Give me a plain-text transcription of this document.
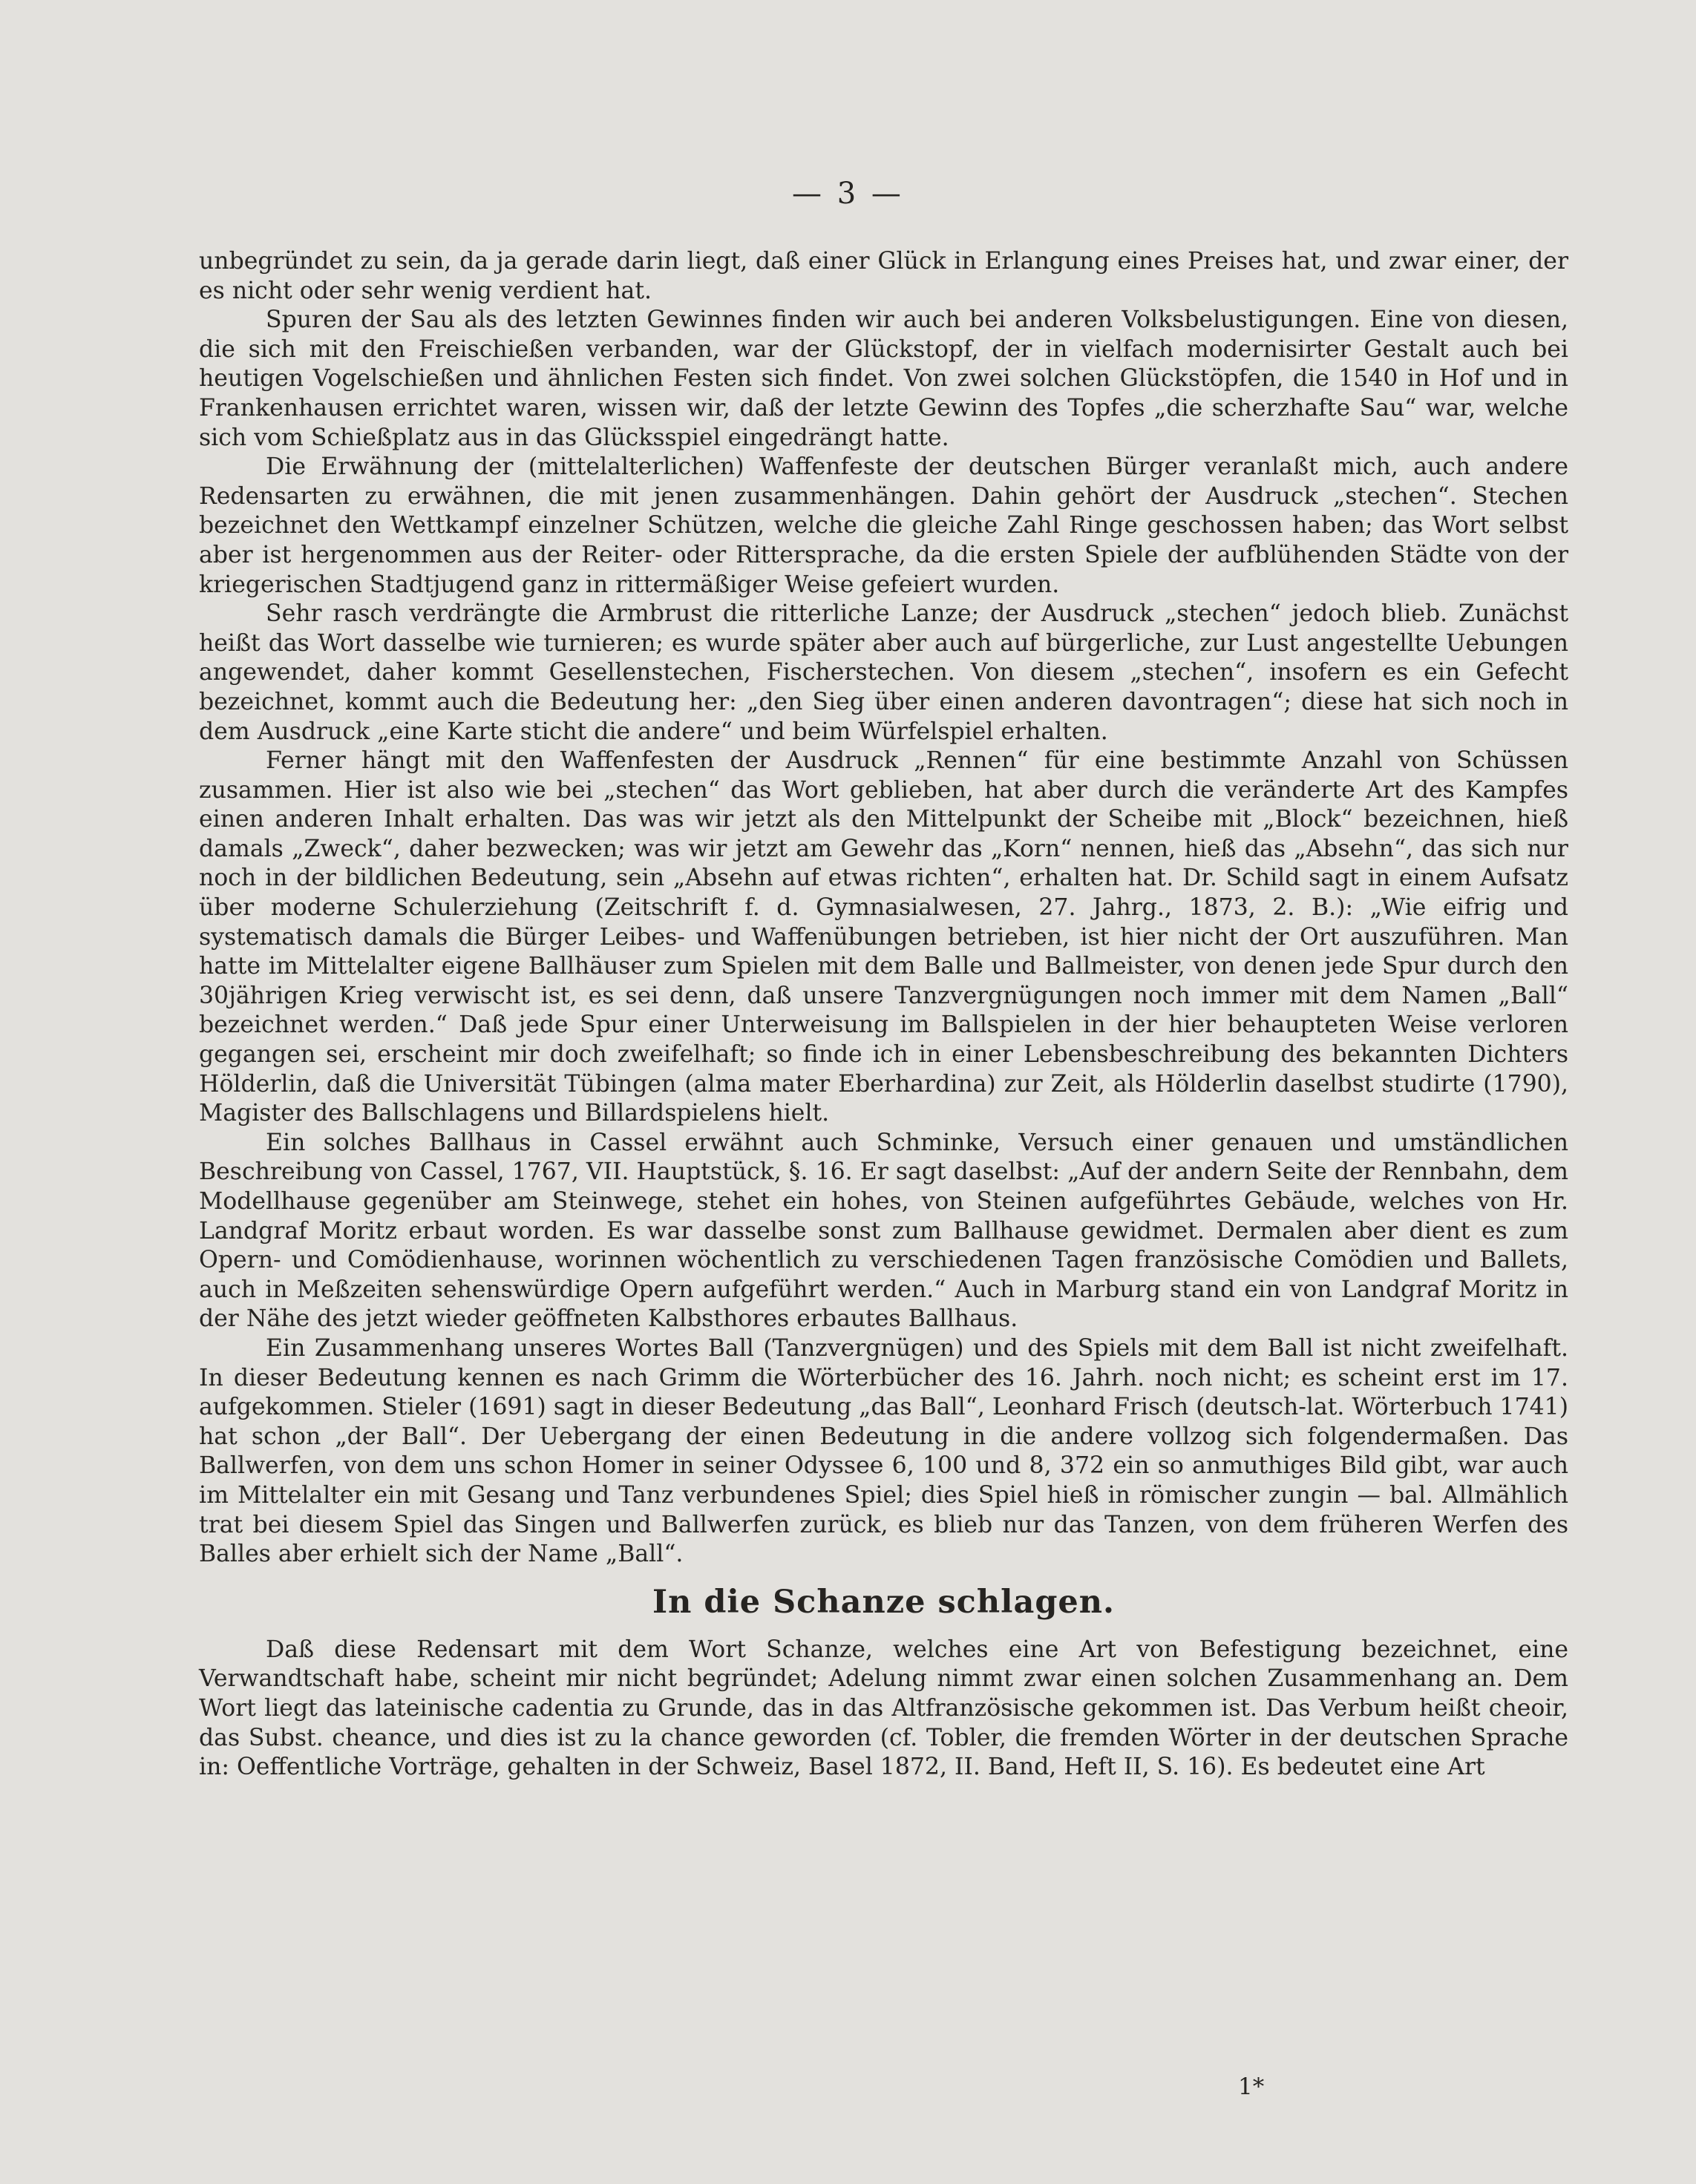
— 3 —

unbegründet zu sein, da ja gerade darin liegt, daß einer Glück in Erlangung eines Preises hat, und zwar einer, der es nicht oder sehr wenig verdient hat.

Spuren der Sau als des letzten Gewinnes finden wir auch bei anderen Volksbelustigungen. Eine von diesen, die sich mit den Freischießen verbanden, war der Glückstopf, der in vielfach modernisirter Gestalt auch bei heutigen Vogelschießen und ähnlichen Festen sich findet. Von zwei solchen Glückstöpfen, die 1540 in Hof und in Frankenhausen errichtet waren, wissen wir, daß der letzte Gewinn des Topfes „die scherzhafte Sau“ war, welche sich vom Schießplatz aus in das Glücksspiel eingedrängt hatte.

Die Erwähnung der (mittelalterlichen) Waffenfeste der deutschen Bürger veranlaßt mich, auch andere Redensarten zu erwähnen, die mit jenen zusammenhängen. Dahin gehört der Ausdruck „stechen“. Stechen bezeichnet den Wettkampf einzelner Schützen, welche die gleiche Zahl Ringe geschossen haben; das Wort selbst aber ist hergenommen aus der Reiter- oder Rittersprache, da die ersten Spiele der aufblühenden Städte von der kriegerischen Stadtjugend ganz in rittermäßiger Weise gefeiert wurden.

Sehr rasch verdrängte die Armbrust die ritterliche Lanze; der Ausdruck „stechen“ jedoch blieb. Zunächst heißt das Wort dasselbe wie turnieren; es wurde später aber auch auf bürgerliche, zur Lust angestellte Uebungen angewendet, daher kommt Gesellenstechen, Fischerstechen. Von diesem „stechen“, insofern es ein Gefecht bezeichnet, kommt auch die Bedeutung her: „den Sieg über einen anderen davontragen“; diese hat sich noch in dem Ausdruck „eine Karte sticht die andere“ und beim Würfelspiel erhalten.

Ferner hängt mit den Waffenfesten der Ausdruck „Rennen“ für eine bestimmte Anzahl von Schüssen zusammen. Hier ist also wie bei „stechen“ das Wort geblieben, hat aber durch die veränderte Art des Kampfes einen anderen Inhalt erhalten. Das was wir jetzt als den Mittelpunkt der Scheibe mit „Block“ bezeichnen, hieß damals „Zweck“, daher bezwecken; was wir jetzt am Gewehr das „Korn“ nennen, hieß das „Absehn“, das sich nur noch in der bildlichen Bedeutung, sein „Absehn auf etwas richten“, erhalten hat. Dr. Schild sagt in einem Aufsatz über moderne Schulerziehung (Zeitschrift f. d. Gymnasialwesen, 27. Jahrg., 1873, 2. B.): „Wie eifrig und systematisch damals die Bürger Leibes- und Waffenübungen betrieben, ist hier nicht der Ort auszuführen. Man hatte im Mittelalter eigene Ballhäuser zum Spielen mit dem Balle und Ballmeister, von denen jede Spur durch den 30jährigen Krieg verwischt ist, es sei denn, daß unsere Tanzvergnügungen noch immer mit dem Namen „Ball“ bezeichnet werden.“ Daß jede Spur einer Unterweisung im Ballspielen in der hier behaupteten Weise verloren gegangen sei, erscheint mir doch zweifelhaft; so finde ich in einer Lebensbeschreibung des bekannten Dichters Hölderlin, daß die Universität Tübingen (alma mater Eberhardina) zur Zeit, als Hölderlin daselbst studirte (1790), Magister des Ballschlagens und Billardspielens hielt.

Ein solches Ballhaus in Cassel erwähnt auch Schminke, Versuch einer genauen und umständlichen Beschreibung von Cassel, 1767, VII. Hauptstück, §. 16. Er sagt daselbst: „Auf der andern Seite der Rennbahn, dem Modellhause gegenüber am Steinwege, stehet ein hohes, von Steinen aufgeführtes Gebäude, welches von Hr. Landgraf Moritz erbaut worden. Es war dasselbe sonst zum Ballhause gewidmet. Dermalen aber dient es zum Opern- und Comödienhause, worinnen wöchentlich zu verschiedenen Tagen französische Comödien und Ballets, auch in Meßzeiten sehenswürdige Opern aufgeführt werden.“ Auch in Marburg stand ein von Landgraf Moritz in der Nähe des jetzt wieder geöffneten Kalbsthores erbautes Ballhaus.

Ein Zusammenhang unseres Wortes Ball (Tanzvergnügen) und des Spiels mit dem Ball ist nicht zweifelhaft. In dieser Bedeutung kennen es nach Grimm die Wörterbücher des 16. Jahrh. noch nicht; es scheint erst im 17. aufgekommen. Stieler (1691) sagt in dieser Bedeutung „das Ball“, Leonhard Frisch (deutsch-lat. Wörterbuch 1741) hat schon „der Ball“. Der Uebergang der einen Bedeutung in die andere vollzog sich folgendermaßen. Das Ballwerfen, von dem uns schon Homer in seiner Odyssee 6, 100 und 8, 372 ein so anmuthiges Bild gibt, war auch im Mittelalter ein mit Gesang und Tanz verbundenes Spiel; dies Spiel hieß in römischer zungin — bal. Allmählich trat bei diesem Spiel das Singen und Ballwerfen zurück, es blieb nur das Tanzen, von dem früheren Werfen des Balles aber erhielt sich der Name „Ball“.

In die Schanze schlagen.

Daß diese Redensart mit dem Wort Schanze, welches eine Art von Befestigung bezeichnet, eine Verwandtschaft habe, scheint mir nicht begründet; Adelung nimmt zwar einen solchen Zusammenhang an. Dem Wort liegt das lateinische cadentia zu Grunde, das in das Altfranzösische gekommen ist. Das Verbum heißt cheoir, das Subst. cheance, und dies ist zu la chance geworden (cf. Tobler, die fremden Wörter in der deutschen Sprache in: Oeffentliche Vorträge, gehalten in der Schweiz, Basel 1872, II. Band, Heft II, S. 16). Es bedeutet eine Art

1*
